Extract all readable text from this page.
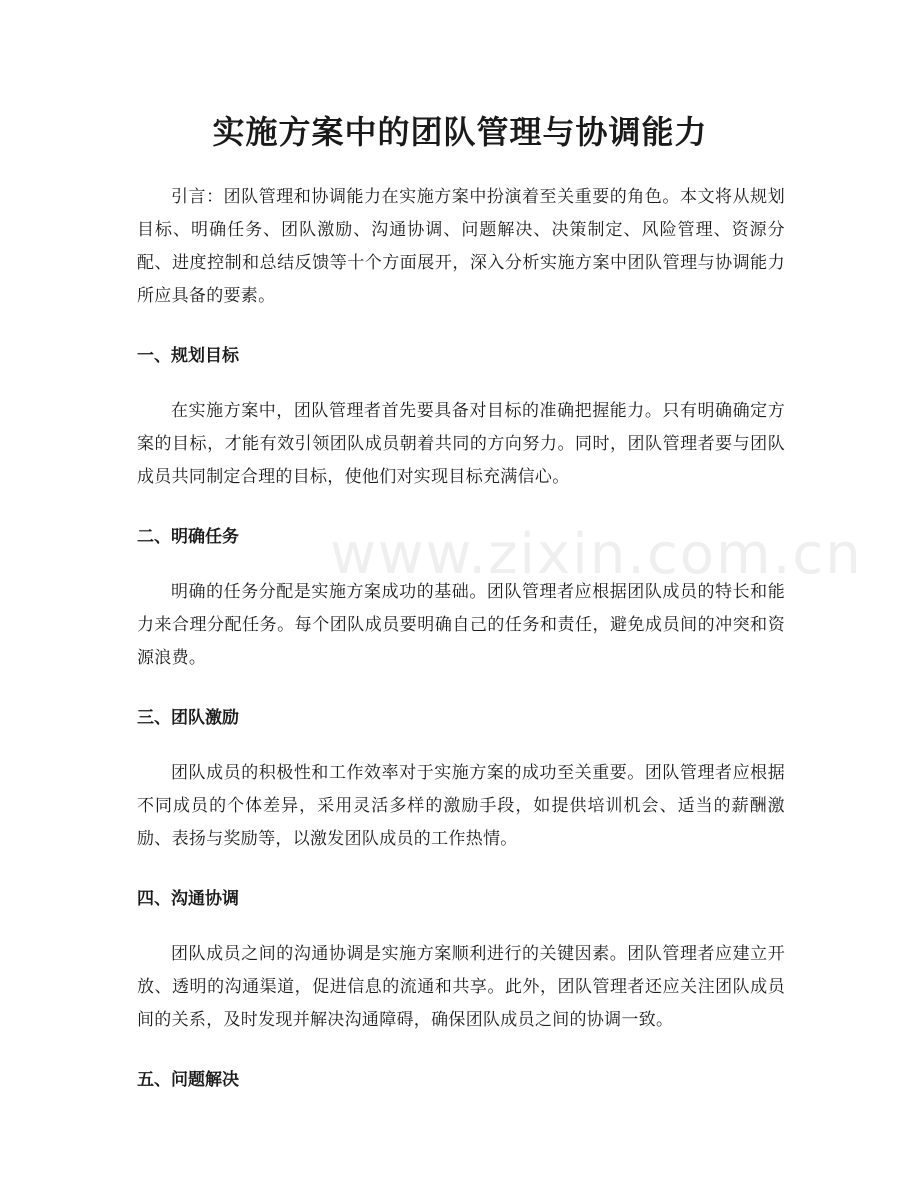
实施方案中的团队管理与协调能力

引言：团队管理和协调能力在实施方案中扮演着至关重要的角色。本文将从规划目标、明确任务、团队激励、沟通协调、问题解决、决策制定、风险管理、资源分配、进度控制和总结反馈等十个方面展开，深入分析实施方案中团队管理与协调能力所应具备的要素。

一、规划目标

在实施方案中，团队管理者首先要具备对目标的准确把握能力。只有明确确定方案的目标，才能有效引领团队成员朝着共同的方向努力。同时，团队管理者要与团队成员共同制定合理的目标，使他们对实现目标充满信心。

二、明确任务

明确的任务分配是实施方案成功的基础。团队管理者应根据团队成员的特长和能力来合理分配任务。每个团队成员要明确自己的任务和责任，避免成员间的冲突和资源浪费。

三、团队激励

团队成员的积极性和工作效率对于实施方案的成功至关重要。团队管理者应根据不同成员的个体差异，采用灵活多样的激励手段，如提供培训机会、适当的薪酬激励、表扬与奖励等，以激发团队成员的工作热情。

四、沟通协调

团队成员之间的沟通协调是实施方案顺利进行的关键因素。团队管理者应建立开放、透明的沟通渠道，促进信息的流通和共享。此外，团队管理者还应关注团队成员间的关系，及时发现并解决沟通障碍，确保团队成员之间的协调一致。

五、问题解决
www.zixin.com.cn
